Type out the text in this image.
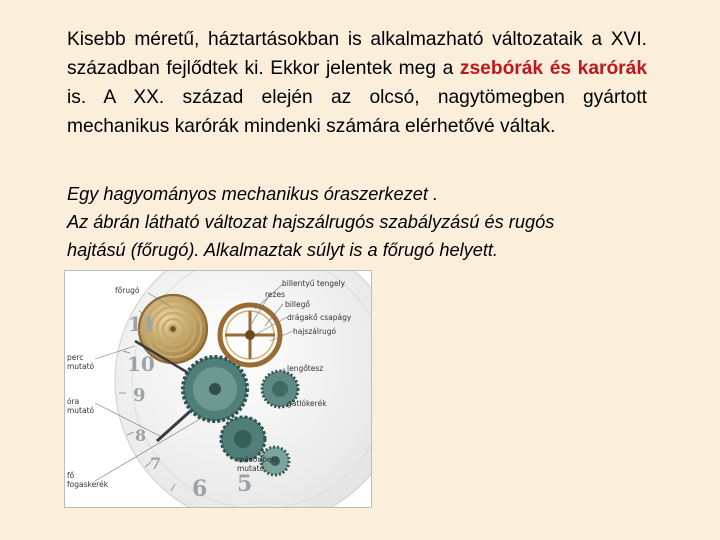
Kisebb méretű, háztartásokban is alkalmazható változataik a XVI. században fejlődtek ki. Ekkor jelentek meg a zsebórák és karórák is. A XX. század elején az olcsó, nagytömegben gyártott mechanikus karórák mindenki számára elérhetővé váltak.

Egy hagyományos mechanikus óraszerkezet .
Az ábrán látható változat hajszálrugós szabályzású és rugós
hajtású (főrugó). Alkalmaztak súlyt is a főrugó helyett.

11
10
9
8
7
6 5
főrugó
perc
mutató
óra
mutató
fő
fogaskerék
billentyű tengely
rezes
billegő
drágakő csapágy
hajszálrugó
lengőtesz
gátlókerék
másodperc
mutató
